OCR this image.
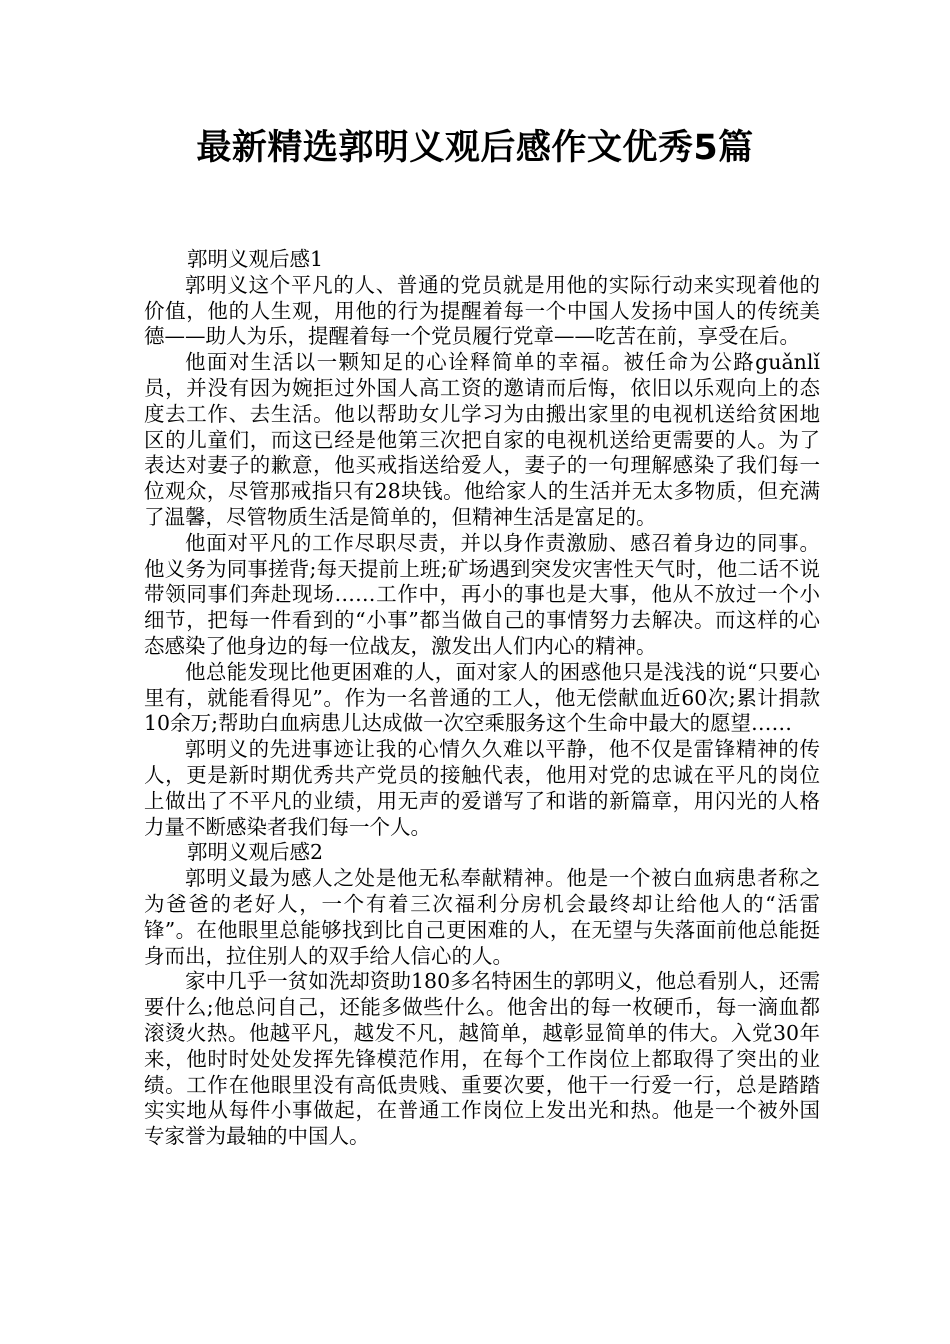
最新精选郭明义观后感作文优秀5篇

郭明义观后感1

郭明义这个平凡的人、普通的党员就是用他的实际行动来实现着他的价值，他的人生观，用他的行为提醒着每一个中国人发扬中国人的传统美德——助人为乐，提醒着每一个党员履行党章——吃苦在前，享受在后。

他面对生活以一颗知足的心诠释简单的幸福。被任命为公路guǎnlǐ员，并没有因为婉拒过外国人高工资的邀请而后悔，依旧以乐观向上的态度去工作、去生活。他以帮助女儿学习为由搬出家里的电视机送给贫困地区的儿童们，而这已经是他第三次把自家的电视机送给更需要的人。为了表达对妻子的歉意，他买戒指送给爱人，妻子的一句理解感染了我们每一位观众，尽管那戒指只有28块钱。他给家人的生活并无太多物质，但充满了温馨，尽管物质生活是简单的，但精神生活是富足的。

他面对平凡的工作尽职尽责，并以身作责激励、感召着身边的同事。他义务为同事搓背;每天提前上班;矿场遇到突发灾害性天气时，他二话不说带领同事们奔赴现场……工作中，再小的事也是大事，他从不放过一个小细节，把每一件看到的“小事”都当做自己的事情努力去解决。而这样的心态感染了他身边的每一位战友，激发出人们内心的精神。

他总能发现比他更困难的人，面对家人的困惑他只是浅浅的说“只要心里有，就能看得见”。作为一名普通的工人，他无偿献血近60次;累计捐款10余万;帮助白血病患儿达成做一次空乘服务这个生命中最大的愿望……

郭明义的先进事迹让我的心情久久难以平静，他不仅是雷锋精神的传人，更是新时期优秀共产党员的接触代表，他用对党的忠诚在平凡的岗位上做出了不平凡的业绩，用无声的爱谱写了和谐的新篇章，用闪光的人格力量不断感染者我们每一个人。

郭明义观后感2

郭明义最为感人之处是他无私奉献精神。他是一个被白血病患者称之为爸爸的老好人，一个有着三次福利分房机会最终却让给他人的“活雷锋”。在他眼里总能够找到比自己更困难的人，在无望与失落面前他总能挺身而出，拉住别人的双手给人信心的人。

家中几乎一贫如洗却资助180多名特困生的郭明义，他总看别人，还需要什么;他总问自己，还能多做些什么。他舍出的每一枚硬币，每一滴血都滚烫火热。他越平凡，越发不凡，越简单，越彰显简单的伟大。入党30年来，他时时处处发挥先锋模范作用，在每个工作岗位上都取得了突出的业绩。工作在他眼里没有高低贵贱、重要次要，他干一行爱一行，总是踏踏实实地从每件小事做起，在普通工作岗位上发出光和热。他是一个被外国专家誉为最轴的中国人。
